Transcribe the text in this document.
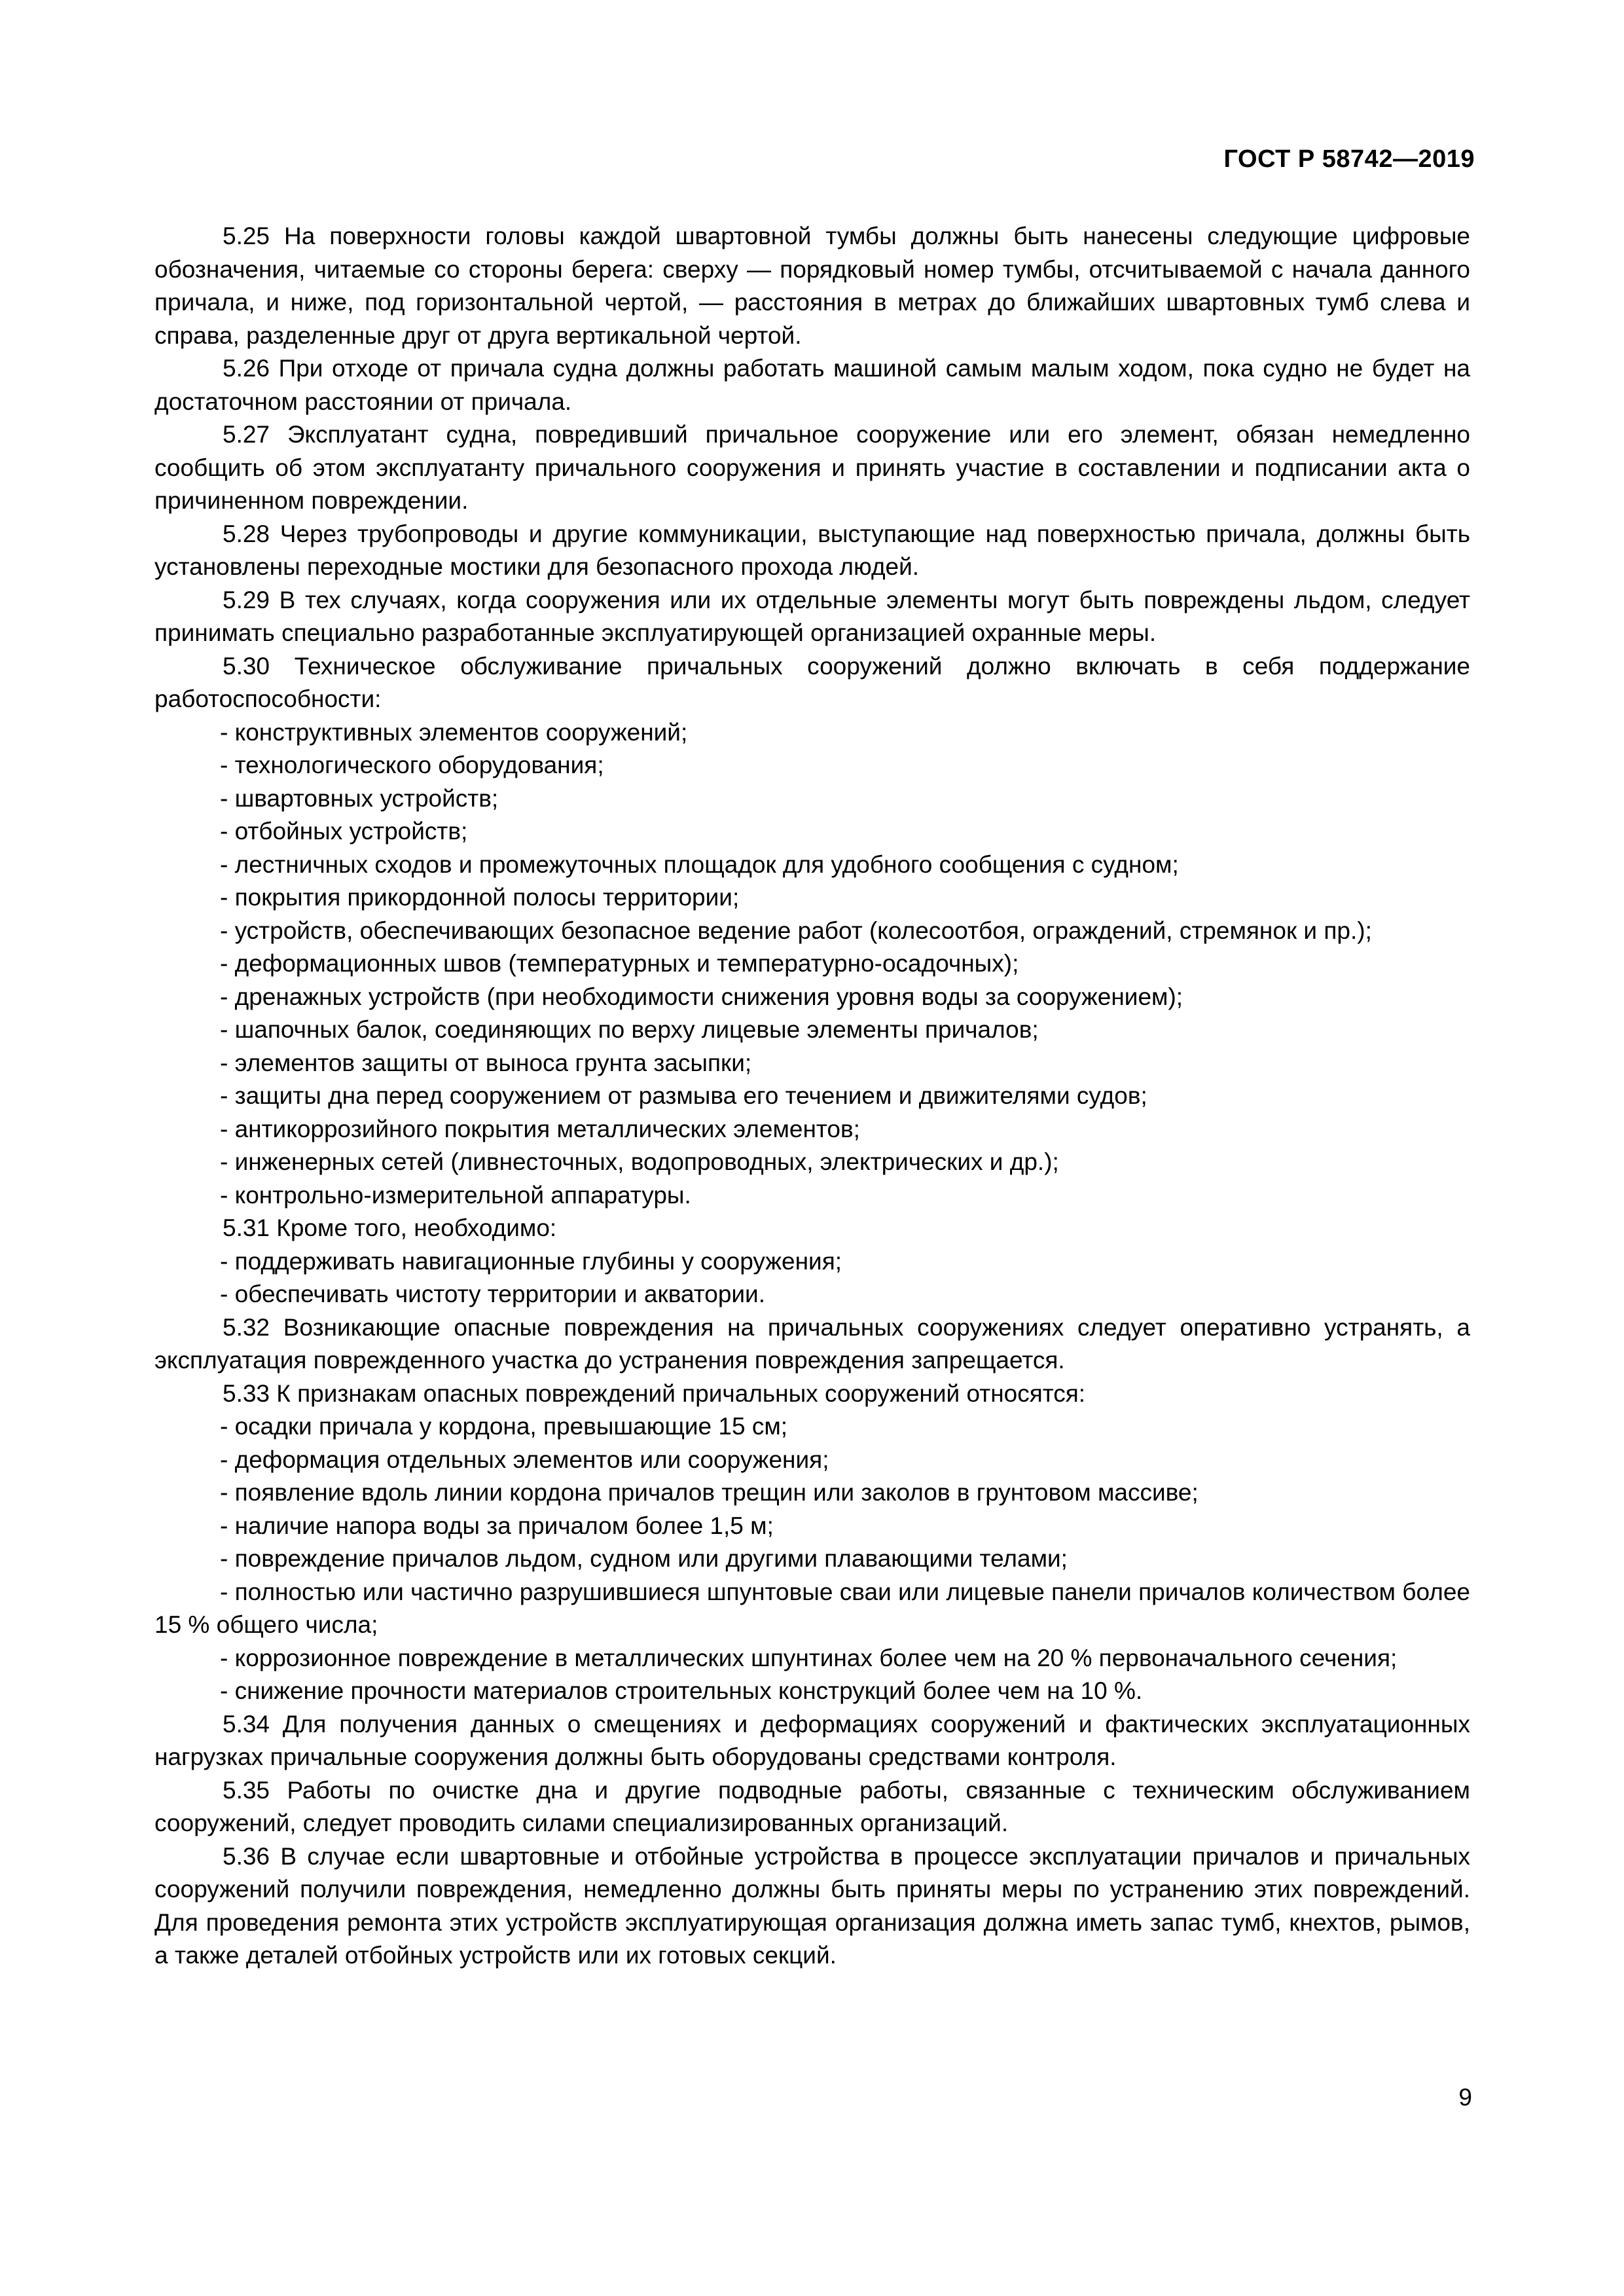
ГОСТ Р 58742—2019

5.25 На поверхности головы каждой швартовной тумбы должны быть нанесены следующие цифровые обозначения, читаемые со стороны берега: сверху — порядковый номер тумбы, отсчитываемой с начала данного причала, и ниже, под горизонтальной чертой, — расстояния в метрах до ближайших швартовных тумб слева и справа, разделенные друг от друга вертикальной чертой.

5.26 При отходе от причала судна должны работать машиной самым малым ходом, пока судно не будет на достаточном расстоянии от причала.

5.27 Эксплуатант судна, повредивший причальное сооружение или его элемент, обязан немедленно сообщить об этом эксплуатанту причального сооружения и принять участие в составлении и подписании акта о причиненном повреждении.

5.28 Через трубопроводы и другие коммуникации, выступающие над поверхностью причала, должны быть установлены переходные мостики для безопасного прохода людей.

5.29 В тех случаях, когда сооружения или их отдельные элементы могут быть повреждены льдом, следует принимать специально разработанные эксплуатирующей организацией охранные меры.

5.30 Техническое обслуживание причальных сооружений должно включать в себя поддержание работоспособности:

- конструктивных элементов сооружений;

- технологического оборудования;

- швартовных устройств;

- отбойных устройств;

- лестничных сходов и промежуточных площадок для удобного сообщения с судном;

- покрытия прикордонной полосы территории;

- устройств, обеспечивающих безопасное ведение работ (колесоотбоя, ограждений, стремянок и пр.);

- деформационных швов (температурных и температурно-осадочных);

- дренажных устройств (при необходимости снижения уровня воды за сооружением);

- шапочных балок, соединяющих по верху лицевые элементы причалов;

- элементов защиты от выноса грунта засыпки;

- защиты дна перед сооружением от размыва его течением и движителями судов;

- антикоррозийного покрытия металлических элементов;

- инженерных сетей (ливнесточных, водопроводных, электрических и др.);

- контрольно-измерительной аппаратуры.

5.31 Кроме того, необходимо:

- поддерживать навигационные глубины у сооружения;

- обеспечивать чистоту территории и акватории.

5.32 Возникающие опасные повреждения на причальных сооружениях следует оперативно устранять, а эксплуатация поврежденного участка до устранения повреждения запрещается.

5.33 К признакам опасных повреждений причальных сооружений относятся:

- осадки причала у кордона, превышающие 15 см;

- деформация отдельных элементов или сооружения;

- появление вдоль линии кордона причалов трещин или заколов в грунтовом массиве;

- наличие напора воды за причалом более 1,5 м;

- повреждение причалов льдом, судном или другими плавающими телами;

- полностью или частично разрушившиеся шпунтовые сваи или лицевые панели причалов количеством более 15 % общего числа;

- коррозионное повреждение в металлических шпунтинах более чем на 20 % первоначального сечения;

- снижение прочности материалов строительных конструкций более чем на 10 %.

5.34 Для получения данных о смещениях и деформациях сооружений и фактических эксплуатационных нагрузках причальные сооружения должны быть оборудованы средствами контроля.

5.35 Работы по очистке дна и другие подводные работы, связанные с техническим обслуживанием сооружений, следует проводить силами специализированных организаций.

5.36 В случае если швартовные и отбойные устройства в процессе эксплуатации причалов и причальных сооружений получили повреждения, немедленно должны быть приняты меры по устранению этих повреждений. Для проведения ремонта этих устройств эксплуатирующая организация должна иметь запас тумб, кнехтов, рымов, а также деталей отбойных устройств или их готовых секций.

9
